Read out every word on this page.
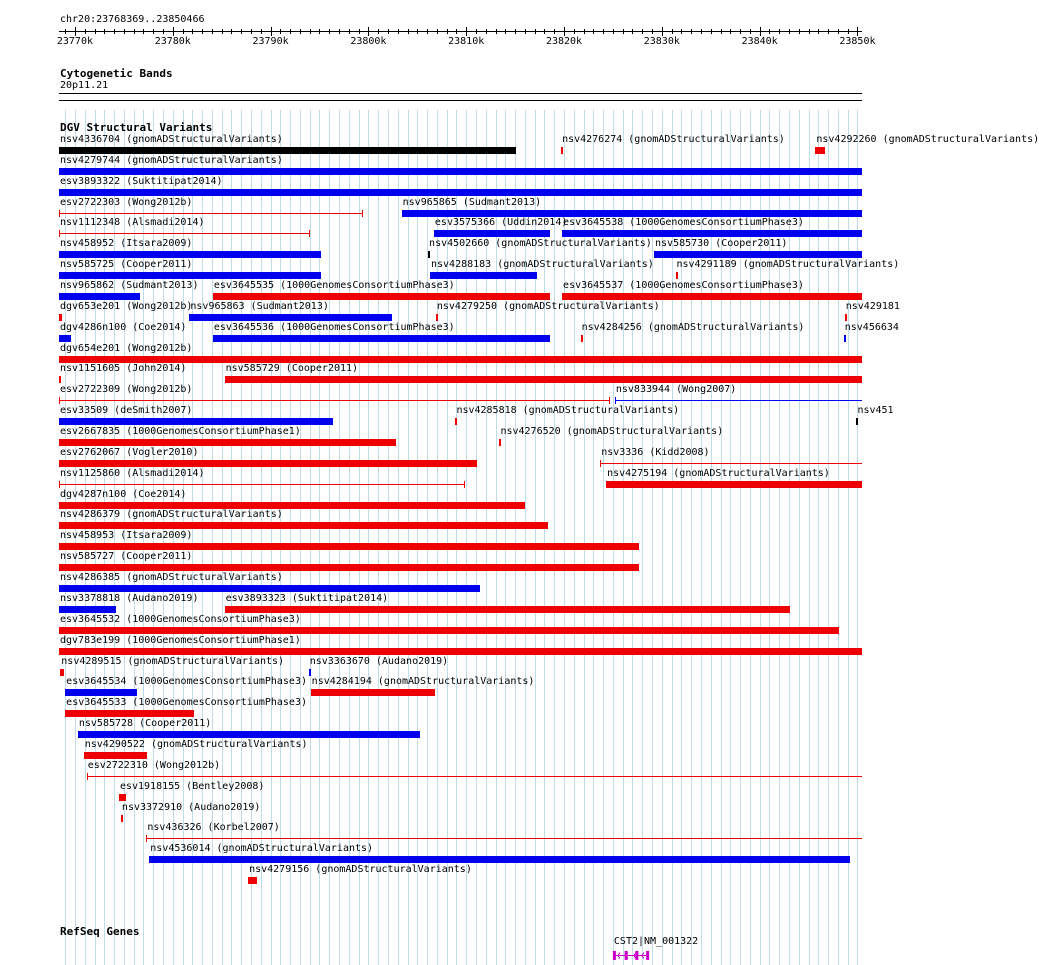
chr20:23768369..23850466
23770k	23780k	23790k	23800k	23810k	23820k	23830k	23840k	23850k
Cytogenetic Bands
20p11.21
DGV Structural Variants
nsv4336704 (gnomADStructuralVariants)	nsv4276274 (gnomADStructuralVariants)	nsv4292260 (gnomADStructuralVariants)
nsv4279744 (gnomADStructuralVariants)
esv3893322 (Suktitipat2014)
esv2722303 (Wong2012b)	nsv965865 (Sudmant2013)
nsv1112348 (Alsmadi2014)	esv3575366 (Uddin2014)
esv3645538 (1000GenomesConsortiumPhase3)
nsv458952 (Itsara2009)	nsv4502660 (gnomADStructuralVariants) nsv585730 (Cooper2011)
nsv585725 (Cooper2011)	nsv4288183 (gnomADStructuralVariants) nsv4291189 (gnomADStructuralVariants)
nsv965862 (Sudmant2013) esv3645535 (1000GenomesConsortiumPhase3)	esv3645537 (1000GenomesConsortiumPhase3)
dgv653e201 (Wong2012b)
nsv965863 (Sudmant2013)	nsv4279250 (gnomADStructuralVariants)	nsv429181
dgv4286n100 (Coe2014)	esv3645536 (1000GenomesConsortiumPhase3)	nsv4284256 (gnomADStructuralVariants)	nsv456634
dgv654e201 (Wong2012b)
nsv1151605 (John2014)	nsv585729 (Cooper2011)
esv2722309 (Wong2012b)	nsv833944 (Wong2007)
esv33509 (deSmith2007)	nsv4285818 (gnomADStructuralVariants)	nsv451
esv2667835 (1000GenomesConsortiumPhase1)	nsv4276520 (gnomADStructuralVariants)
esv2762067 (Vogler2010)	nsv3336 (Kidd2008)
nsv1125860 (Alsmadi2014)	nsv4275194 (gnomADStructuralVariants)
dgv4287n100 (Coe2014)
nsv4286379 (gnomADStructuralVariants)
nsv458953 (Itsara2009)
nsv585727 (Cooper2011)
nsv4286385 (gnomADStructuralVariants)
nsv3378818 (Audano2019)	esv3893323 (Suktitipat2014)
esv3645532 (1000GenomesConsortiumPhase3)
dgv783e199 (1000GenomesConsortiumPhase1)
nsv4289515 (gnomADStructuralVariants)	nsv3363670 (Audano2019)
esv3645534 (1000GenomesConsortiumPhase3) nsv4284194 (gnomADStructuralVariants)
esv3645533 (1000GenomesConsortiumPhase3)
nsv585728 (Cooper2011)
nsv4290522 (gnomADStructuralVariants)
esv2722310 (Wong2012b)
esv1918155 (Bentley2008)
nsv3372910 (Audano2019)
nsv436326 (Korbel2007)
nsv4536014 (gnomADStructuralVariants)
nsv4279156 (gnomADStructuralVariants)
RefSeq Genes
CST2|NM_001322
